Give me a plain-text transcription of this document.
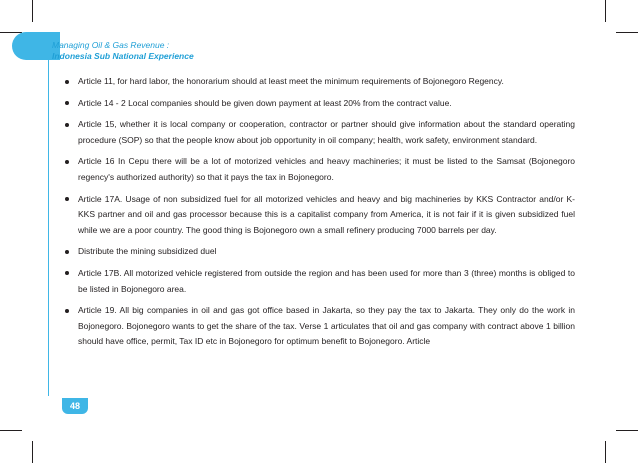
Managing Oil & Gas Revenue :
Indonesia Sub National Experience
Article 11, for hard labor, the honorarium should at least meet the minimum requirements of Bojonegoro Regency.
Article 14 - 2 Local companies should be given down payment at least 20% from the contract value.
Article 15, whether it is local company or cooperation, contractor or partner should give information about the standard operating procedure (SOP) so that the people know about job opportunity in oil company; health, work safety, environment standard.
Article 16 In Cepu there will be a lot of motorized vehicles and heavy machineries; it must be listed to the Samsat (Bojonegoro regency's authorized authority) so that it pays the tax in Bojonegoro.
Article 17A. Usage of non subsidized fuel for all motorized vehicles and heavy and big machineries by KKS Contractor and/or K-KKS partner and oil and gas processor because this is a capitalist company from America, it is not fair if it is given subsidized fuel while we are a poor country. The good thing is Bojonegoro own a small refinery producing 7000 barrels per day.
Distribute the mining subsidized duel
Article 17B. All motorized vehicle registered from outside the region and has been used for more than 3 (three) months is obliged to be listed in Bojonegoro area.
Article 19. All big companies in oil and gas got office based in Jakarta, so they pay the tax to Jakarta. They only do the work in Bojonegoro. Bojonegoro wants to get the share of the tax. Verse 1 articulates that oil and gas company with contract above 1 billion should have office, permit, Tax ID etc in Bojonegoro for optimum benefit to Bojonegoro. Article
48
